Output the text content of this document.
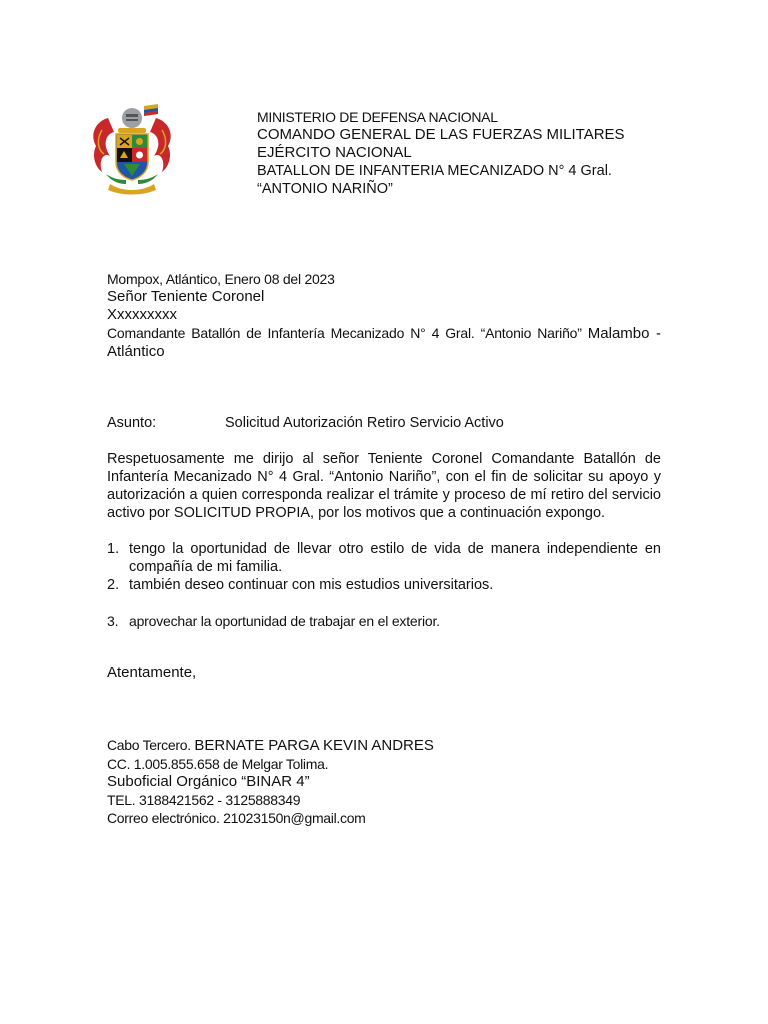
MINISTERIO DE DEFENSA NACIONAL
COMANDO GENERAL DE LAS FUERZAS MILITARES
EJÉRCITO NACIONAL
BATALLON DE INFANTERIA MECANIZADO N° 4 Gral.
“ANTONIO NARIÑO”
Mompox, Atlántico, Enero 08 del 2023
Señor Teniente Coronel
Xxxxxxxxx
Comandante Batallón de Infantería Mecanizado N° 4 Gral. “Antonio Nariño” Malambo -
Atlántico
Asunto:	Solicitud Autorización Retiro Servicio Activo
Respetuosamente me dirijo al señor Teniente Coronel Comandante Batallón de Infantería Mecanizado N° 4 Gral. “Antonio Nariño”, con el fin de solicitar su apoyo y autorización a quien corresponda realizar el trámite y proceso de mí retiro del servicio activo por SOLICITUD PROPIA, por los motivos que a continuación expongo.
1. tengo la oportunidad de llevar otro estilo de vida de manera independiente en compañía de mi familia.
2. también deseo continuar con mis estudios universitarios.
3. aprovechar la oportunidad de trabajar en el exterior.
Atentamente,
Cabo Tercero. BERNATE PARGA KEVIN ANDRES
CC. 1.005.855.658 de Melgar Tolima.
Suboficial Orgánico “BINAR 4”
TEL. 3188421562 - 3125888349
Correo electrónico. 21023150n@gmail.com
